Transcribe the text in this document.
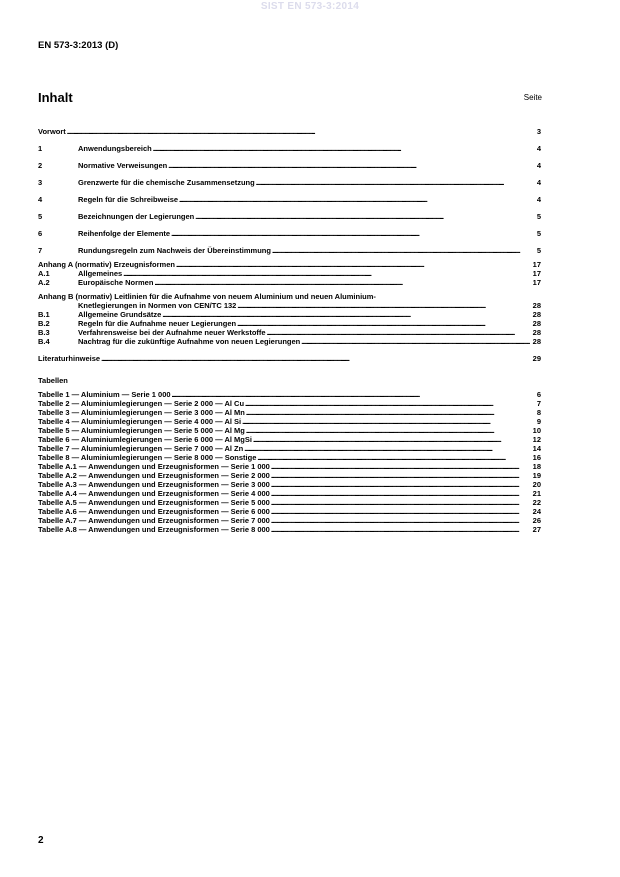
SIST EN 573-3:2014
EN 573-3:2013 (D)
Inhalt	Seite
Vorwort . . .	3
1	Anwendungsbereich . . .	4
2	Normative Verweisungen . . .	4
3	Grenzwerte für die chemische Zusammensetzung . . .	4
4	Regeln für die Schreibweise . . .	4
5	Bezeichnungen der Legierungen . . .	5
6	Reihenfolge der Elemente . . .	5
7	Rundungsregeln zum Nachweis der Übereinstimmung . . .	5
Anhang A (normativ) Erzeugnisformen . . .	17
A.1	Allgemeines . . .	17
A.2	Europäische Normen . . .	17
Anhang B (normativ) Leitlinien für die Aufnahme von neuem Aluminium und neuen Aluminium-
Knetlegierungen in Normen von CEN/TC 132 . . .	28
B.1	Allgemeine Grundsätze . . .	28
B.2	Regeln für die Aufnahme neuer Legierungen . . .	28
B.3	Verfahrensweise bei der Aufnahme neuer Werkstoffe . . .	28
B.4	Nachtrag für die zukünftige Aufnahme von neuen Legierungen . . .	28
Literaturhinweise . . .	29
Tabellen
Tabelle 1 — Aluminium — Serie 1 000 . . .	6
Tabelle 2 — Aluminiumlegierungen — Serie 2 000 — Al Cu . . .	7
Tabelle 3 — Aluminiumlegierungen — Serie 3 000 — Al Mn . . .	8
Tabelle 4 — Aluminiumlegierungen — Serie 4 000 — Al Si . . .	9
Tabelle 5 — Aluminiumlegierungen — Serie 5 000 — Al Mg . . .	10
Tabelle 6 — Aluminiumlegierungen — Serie 6 000 — Al MgSi . . .	12
Tabelle 7 — Aluminiumlegierungen — Serie 7 000 — Al Zn . . .	14
Tabelle 8 — Aluminiumlegierungen — Serie 8 000 — Sonstige . . .	16
Tabelle A.1 — Anwendungen und Erzeugnisformen — Serie 1 000 . . .	18
Tabelle A.2 — Anwendungen und Erzeugnisformen — Serie 2 000 . . .	19
Tabelle A.3 — Anwendungen und Erzeugnisformen — Serie 3 000 . . .	20
Tabelle A.4 — Anwendungen und Erzeugnisformen — Serie 4 000 . . .	21
Tabelle A.5 — Anwendungen und Erzeugnisformen — Serie 5 000 . . .	22
Tabelle A.6 — Anwendungen und Erzeugnisformen — Serie 6 000 . . .	24
Tabelle A.7 — Anwendungen und Erzeugnisformen — Serie 7 000 . . .	26
Tabelle A.8 — Anwendungen und Erzeugnisformen — Serie 8 000 . . .	27
2
